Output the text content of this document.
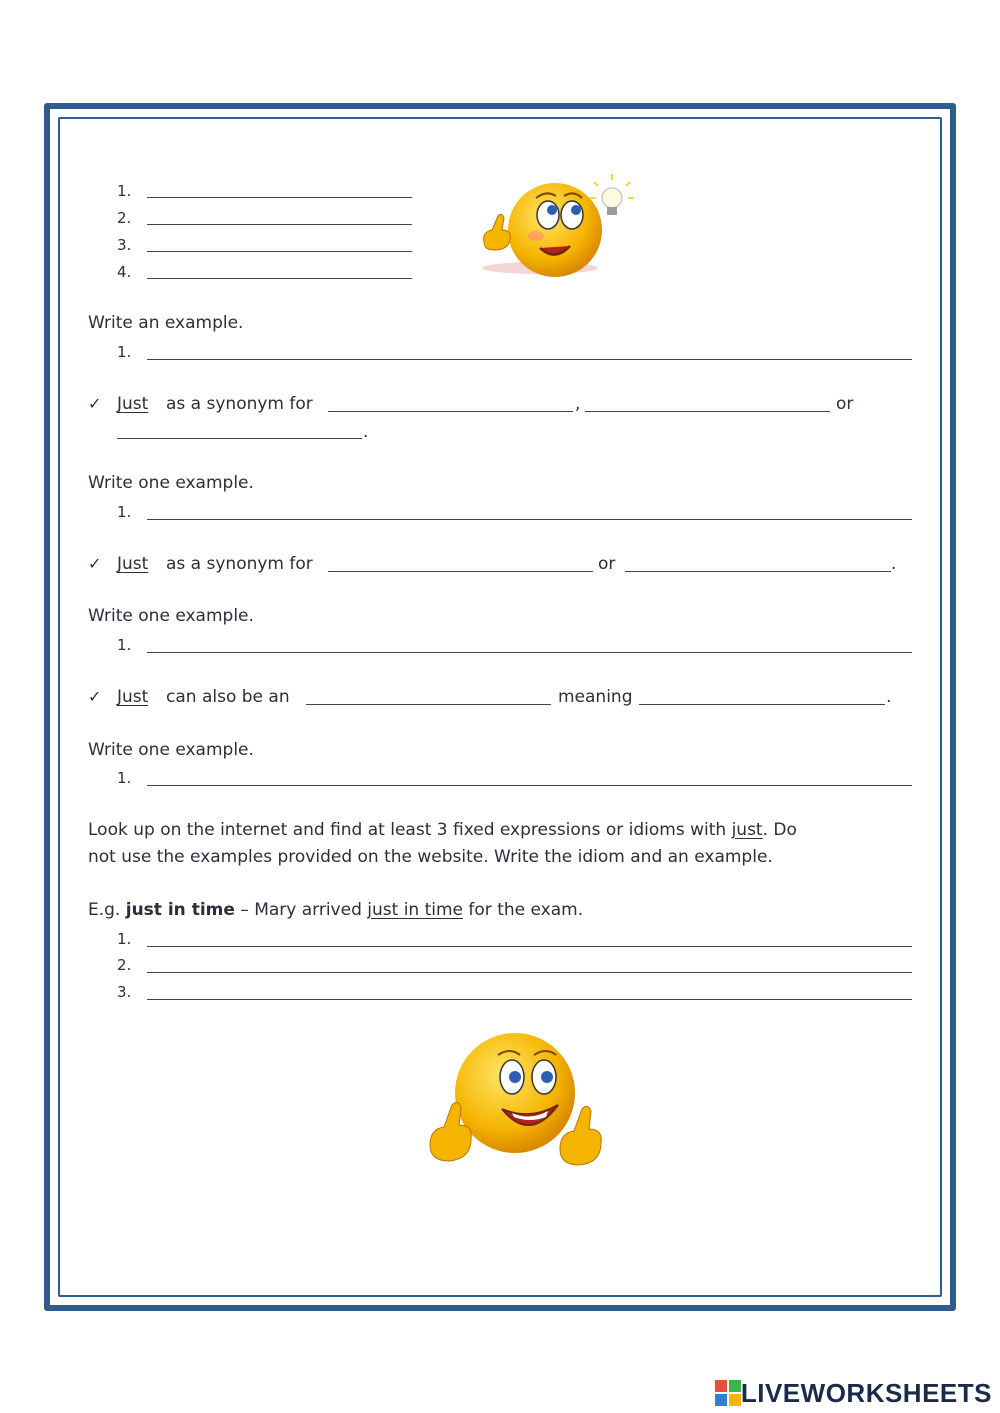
1.
2.
3.
4.
Write an example.
1.
✓ Just as a synonym for	,	or
.
Write one example.
1.
✓ Just as a synonym for	or	.
Write one example.
1.
✓ Just can also be an	meaning	.
Write one example.
1.
Look up on the internet and find at least 3 fixed expressions or idioms with just. Do
not use the examples provided on the website. Write the idiom and an example.
E.g. just in time – Mary arrived just in time for the exam.
1.
2.
3.
LIVEWORKSHEETS
